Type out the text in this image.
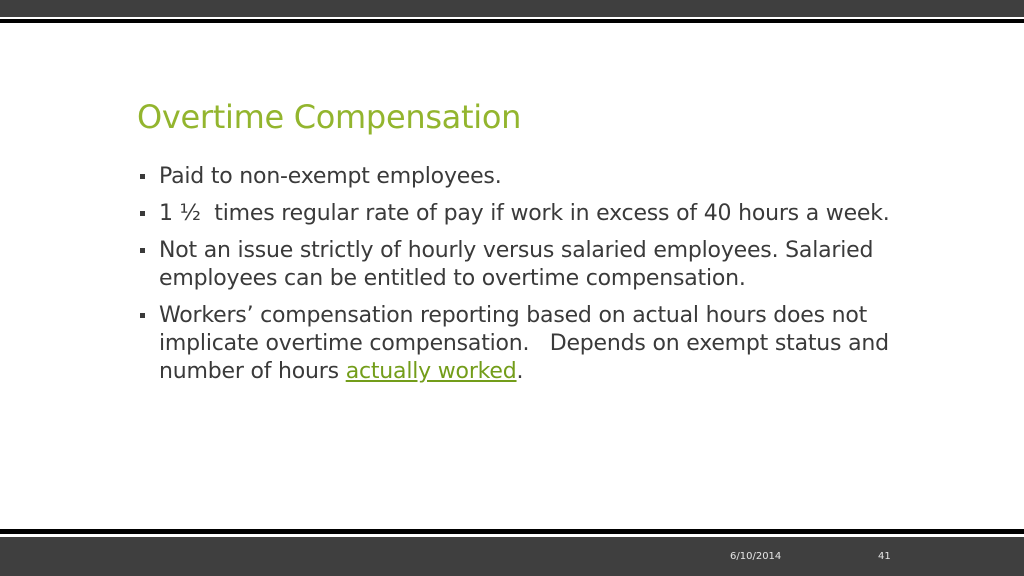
Overtime Compensation
Paid to non-exempt employees.
1 ½  times regular rate of pay if work in excess of 40 hours a week.
Not an issue strictly of hourly versus salaried employees. Salaried employees can be entitled to overtime compensation.
Workers’ compensation reporting based on actual hours does not implicate overtime compensation.   Depends on exempt status and number of hours actually worked.
6/10/2014	41
